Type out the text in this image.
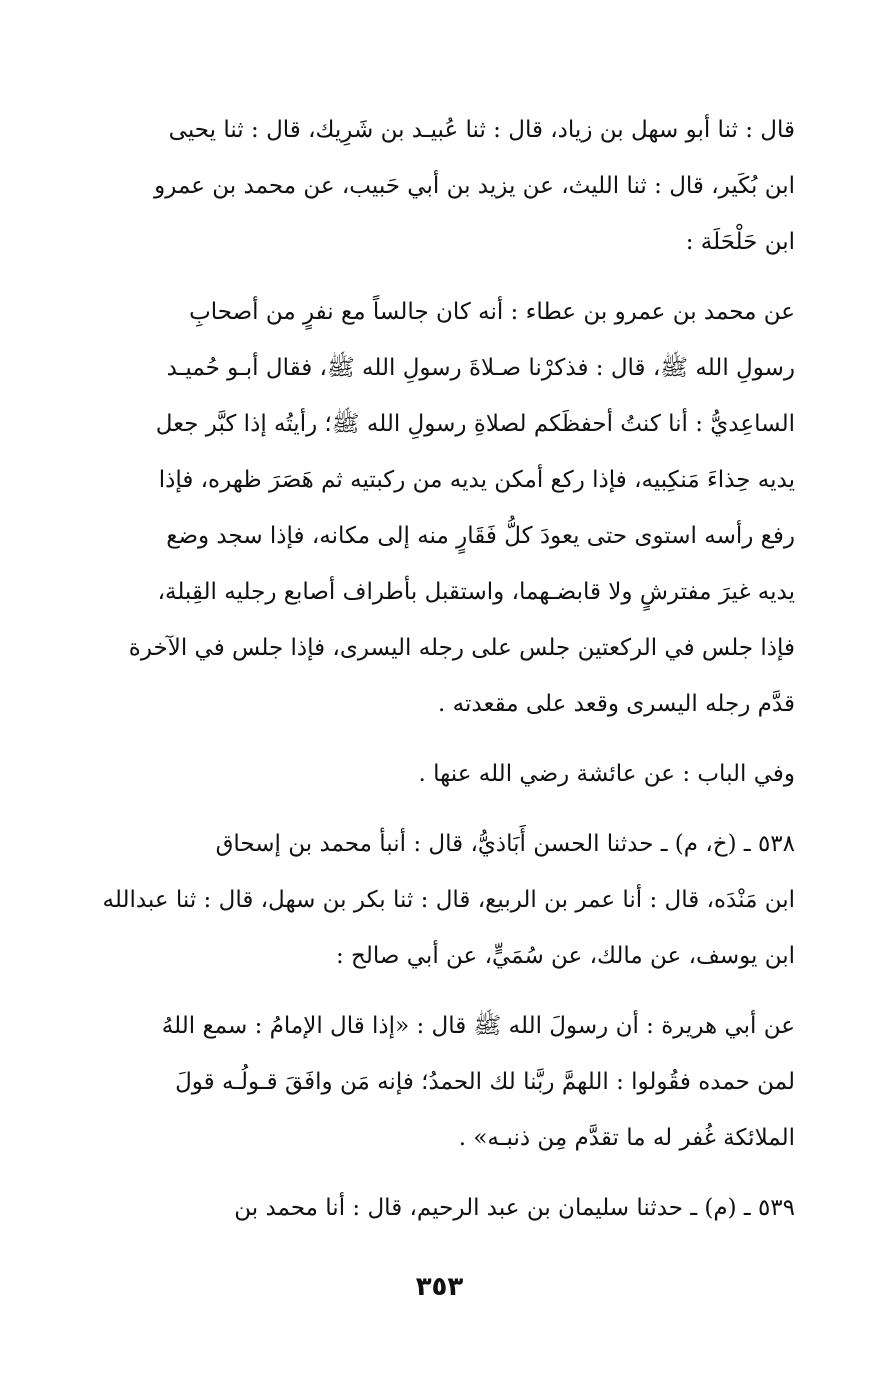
قال : ثنا أبو سهل بن زياد، قال : ثنا عُبيـد بن شَرِيك، قال : ثنا يحيى
ابن بُكَير، قال : ثنا الليث، عن يزيد بن أبي حَبيب، عن محمد بن عمرو
ابن حَلْحَلَة :

عن محمد بن عمرو بن عطاء : أنه كان جالساً مع نفرٍ من أصحابِ
رسولِ الله ﷺ، قال : فذكرْنا صـلاةَ رسولِ الله ﷺ، فقال أبـو حُميـد
الساعِديُّ : أنا كنتُ أحفظَكم لصلاةِ رسولِ الله ﷺ؛ رأيتُه إذا كبَّر جعل
يديه حِذاءَ مَنكِبيه، فإذا ركع أمكن يديه من ركبتيه ثم هَصَرَ ظهره، فإذا
رفع رأسه استوى حتى يعودَ كلُّ فَقَارٍ منه إلى مكانه، فإذا سجد وضع
يديه غيرَ مفترشٍ ولا قابضـهما، واستقبل بأطراف أصابع رجليه القِبلة،
فإذا جلس في الركعتين جلس على رجله اليسرى، فإذا جلس في الآخرة
قدَّم رجله اليسرى وقعد على مقعدته .

وفي الباب : عن عائشة رضي الله عنها .

٥٣٨ ـ (خ، م) ـ حدثنا الحسن أَبَاذيُّ، قال : أنبأ محمد بن إسحاق
ابن مَنْدَه، قال : أنا عمر بن الربيع، قال : ثنا بكر بن سهل، قال : ثنا عبدالله
ابن يوسف، عن مالك، عن سُمَيٍّ، عن أبي صالح :

عن أبي هريرة : أن رسولَ الله ﷺ قال : «إذا قال الإمامُ : سمع اللهُ
لمن حمده فقُولوا : اللهمَّ ربَّنا لك الحمدُ؛ فإنه مَن وافَقَ قـولُـه قولَ
الملائكة غُفر له ما تقدَّم مِن ذنبـه» .

٥٣٩ ـ (م) ـ حدثنا سليمان بن عبد الرحيم، قال : أنا محمد بن

٣٥٣
